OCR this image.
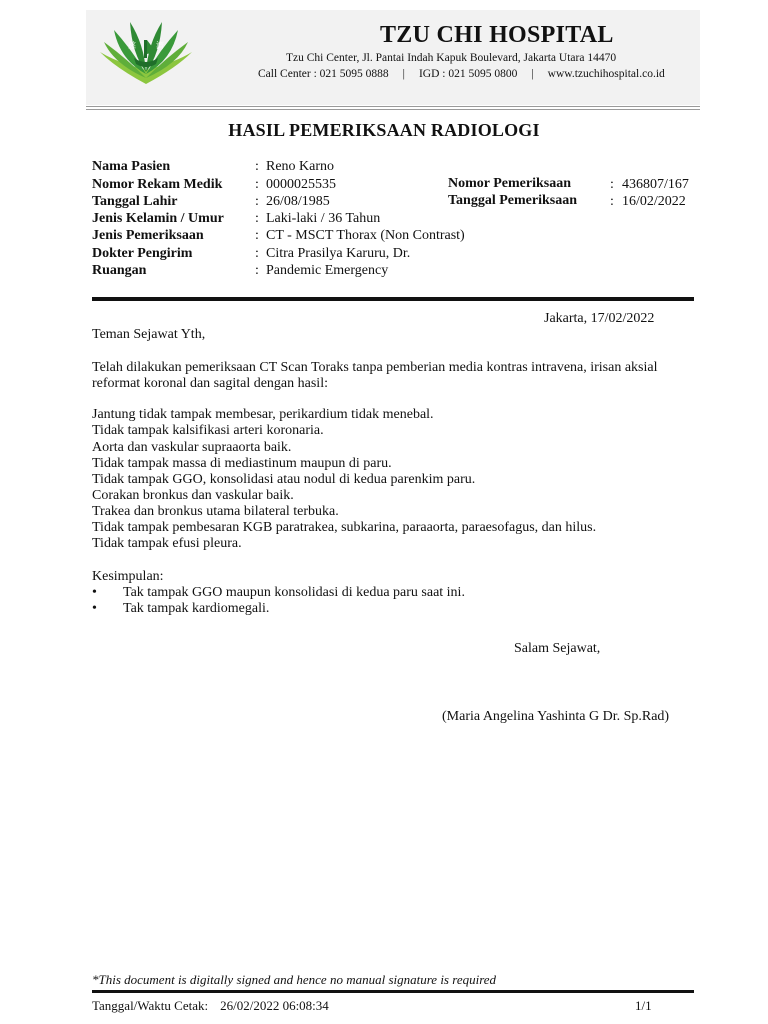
慈	濟	TZU CHI HOSPITAL
Tzu Chi Center, Jl. Pantai Indah Kapuk Boulevard, Jakarta Utara 14470
Call Center : 021 5095 0888 | IGD : 021 5095 0800 | www.tzuchihospital.co.id
HASIL PEMERIKSAAN RADIOLOGI
Nama Pasien	: Reno Karno
Nomor Rekam Medik : 0000025535
Tanggal Lahir	: 26/08/1985
Jenis Kelamin / Umur : Laki-laki / 36 Tahun
Jenis Pemeriksaan	: CT - MSCT Thorax (Non Contrast)
Dokter Pengirim	: Citra Prasilya Karuru, Dr.
Ruangan	: Pandemic Emergency
Nomor Pemeriksaan	: 436807/167
Tanggal Pemeriksaan : 16/02/2022
Jakarta, 17/02/2022
Teman Sejawat Yth,
Telah dilakukan pemeriksaan CT Scan Toraks tanpa pemberian media kontras intravena, irisan aksial
reformat koronal dan sagital dengan hasil:
Jantung tidak tampak membesar, perikardium tidak menebal.
Tidak tampak kalsifikasi arteri koronaria.
Aorta dan vaskular supraaorta baik.
Tidak tampak massa di mediastinum maupun di paru.
Tidak tampak GGO, konsolidasi atau nodul di kedua parenkim paru.
Corakan bronkus dan vaskular baik.
Trakea dan bronkus utama bilateral terbuka.
Tidak tampak pembesaran KGB paratrakea, subkarina, paraaorta, paraesofagus, dan hilus.
Tidak tampak efusi pleura.
Kesimpulan:
• Tak tampak GGO maupun konsolidasi di kedua paru saat ini.
• Tak tampak kardiomegali.
Salam Sejawat,
(Maria Angelina Yashinta G Dr. Sp.Rad)
*This document is digitally signed and hence no manual signature is required
Tanggal/Waktu Cetak: 26/02/2022 06:08:34	1/1
